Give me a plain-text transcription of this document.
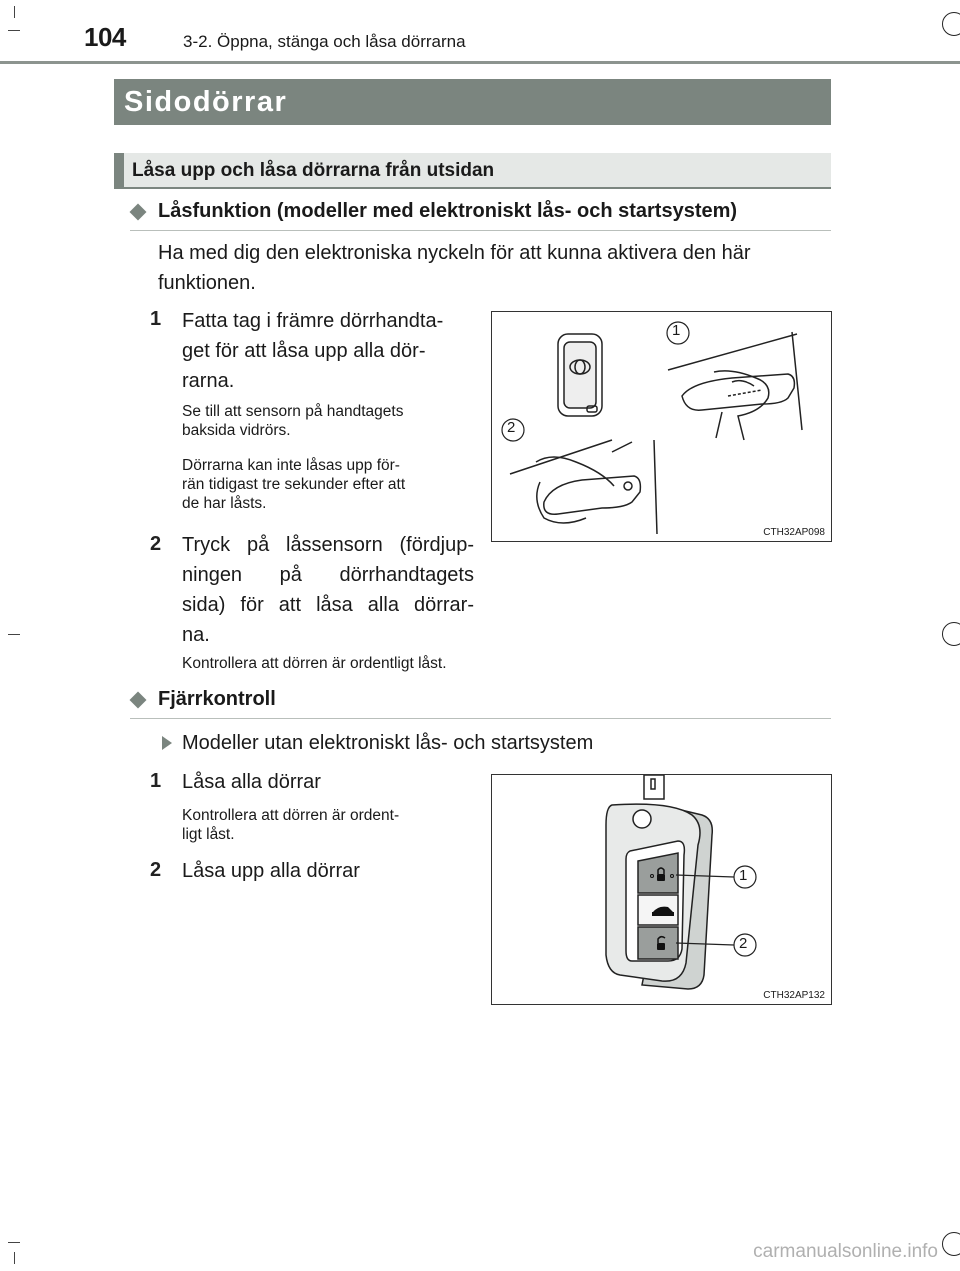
104	3-2. Öppna, stänga och låsa dörrarna
Sidodörrar
Låsa upp och låsa dörrarna från utsidan
Låsfunktion (modeller med elektroniskt lås- och startsystem)
Ha med dig den elektroniska nyckeln för att kunna aktivera den här
funktionen.
1 Fatta tag i främre dörrhandta-
get för att låsa upp alla dör-
rarna.
Se till att sensorn på handtagets
baksida vidrörs.
Dörrarna kan inte låsas upp för-
rän tidigast tre sekunder efter att
de har låsts.
2 Tryck på låssensorn (fördjup-
ningen på dörrhandtagets
sida) för att låsa alla dörrar-
na.
Kontrollera att dörren är ordentligt låst.
1
2
CTH32AP098
Fjärrkontroll
Modeller utan elektroniskt lås- och startsystem
1 Låsa alla dörrar
Kontrollera att dörren är ordent-
ligt låst.
2 Låsa upp alla dörrar	1
2
CTH32AP132
carmanualsonline.info
